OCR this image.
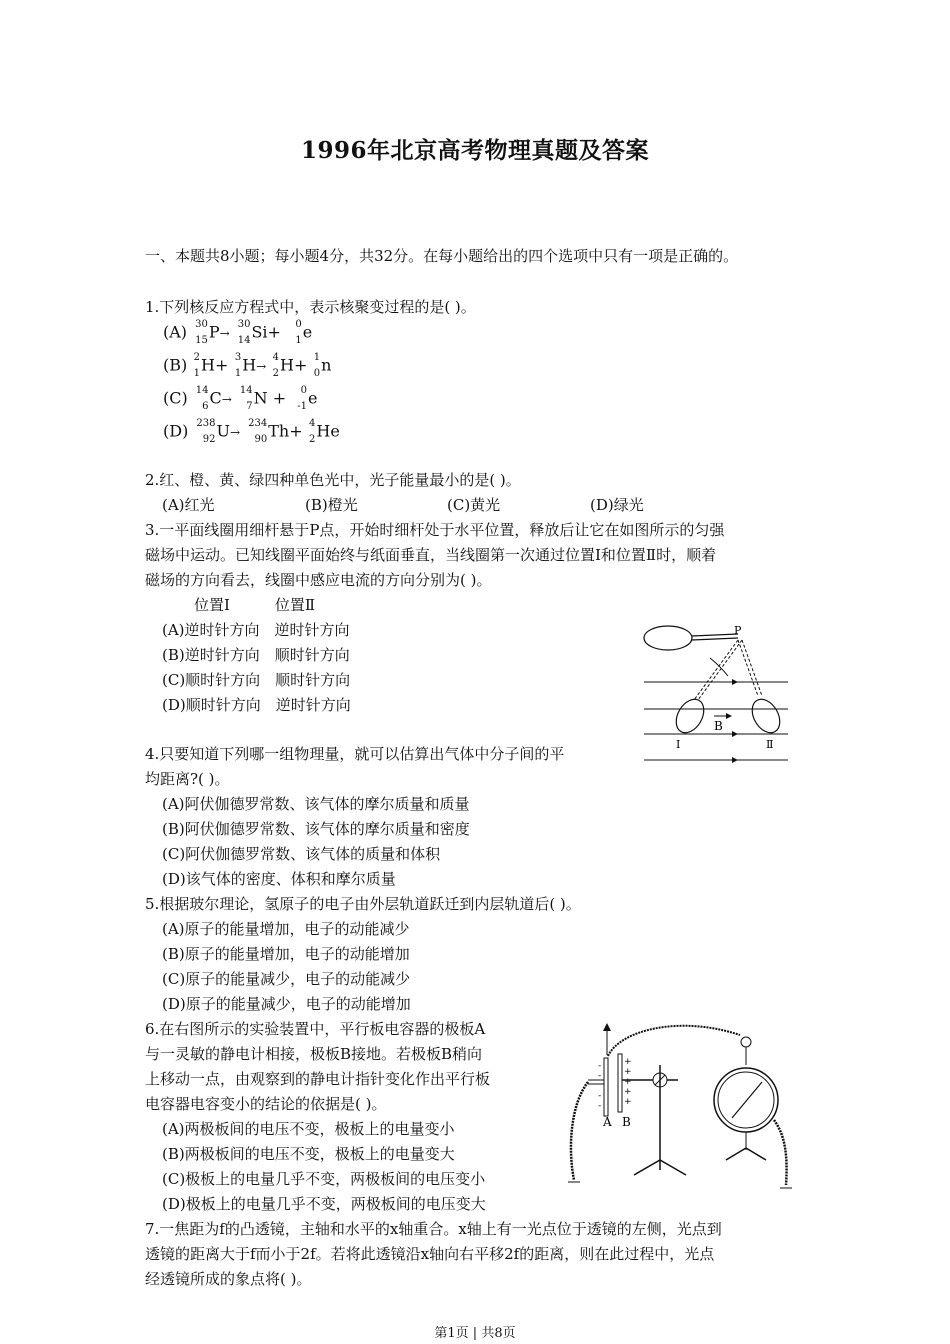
1996年北京高考物理真题及答案
一、本题共8小题；每小题4分，共32分。在每小题给出的四个选项中只有一项是正确的。
1.下列核反应方程式中，表示核聚变过程的是( )。
(A) 30
15 P→
30
14 Si+ 0
1 e
(B) 2
1 H+ 3
1 H→
4
2 H+ 1
0 n
(C) 14
6 C→
14
7 N + 0
-1 e
(D) 238
92 U→
234
90 Th+ 4
2 He
2.红、橙、黄、绿四种单色光中，光子能量最小的是( )。
(A)红光	(B)橙光	(C)黄光	(D)绿光
3.一平面线圈用细杆悬于P点，开始时细杆处于水平位置，释放后让它在如图所示的匀强
磁场中运动。已知线圈平面始终与纸面垂直，当线圈第一次通过位置Ⅰ和位置Ⅱ时，顺着
磁场的方向看去，线圈中感应电流的方向分别为( )。
位置Ⅰ　　　位置Ⅱ
(A)逆时针方向　逆时针方向
(B)逆时针方向　顺时针方向
(C)顺时针方向　顺时针方向
(D)顺时针方向　逆时针方向
P
B
Ⅰ	Ⅱ
4.只要知道下列哪一组物理量，就可以估算出气体中分子间的平
均距离?( )。
(A)阿伏伽德罗常数、该气体的摩尔质量和质量
(B)阿伏伽德罗常数、该气体的摩尔质量和密度
(C)阿伏伽德罗常数、该气体的质量和体积
(D)该气体的密度、体积和摩尔质量
5.根据玻尔理论，氢原子的电子由外层轨道跃迁到内层轨道后( )。
(A)原子的能量增加，电子的动能减少
(B)原子的能量增加，电子的动能增加
(C)原子的能量减少，电子的动能减少
(D)原子的能量减少，电子的动能增加
6.在右图所示的实验装置中，平行板电容器的极板A
与一灵敏的静电计相接，极板B接地。若极板B稍向
上移动一点，由观察到的静电计指针变化作出平行板
电容器电容变小的结论的依据是( )。
(A)两极板间的电压不变，极板上的电量变小
(B)两极板间的电压不变，极板上的电量变大
(C)极板上的电量几乎不变，两极板间的电压变小
(D)极板上的电量几乎不变，两极板间的电压变大
+
+
+
+
+
-
-
-
-
A B
7.一焦距为f的凸透镜，主轴和水平的x轴重合。x轴上有一光点位于透镜的左侧，光点到
透镜的距离大于f而小于2f。若将此透镜沿x轴向右平移2f的距离，则在此过程中，光点
经透镜所成的象点将( )。
第1页 | 共8页
